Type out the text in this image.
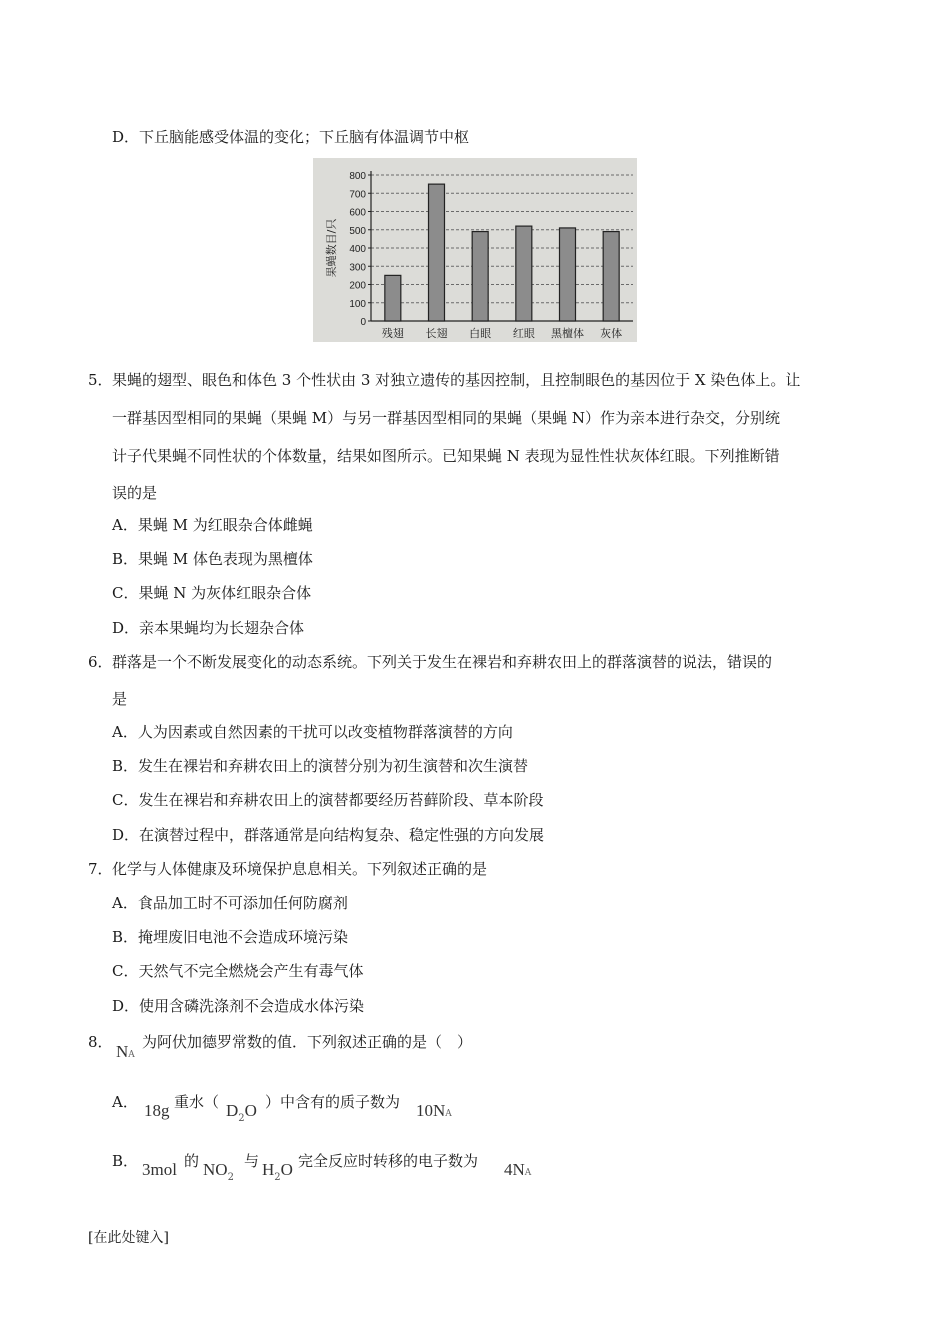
D．下丘脑能感受体温的变化；下丘脑有体温调节中枢
0
100
200
300
400
500
600
700
800
果蝇数目/只
残翅 长翅 白眼 红眼 黑檀体 灰体
5． 果蝇的翅型、眼色和体色 3 个性状由 3 对独立遗传的基因控制，且控制眼色的基因位于 X 染色体上。让
一群基因型相同的果蝇（果蝇 M）与另一群基因型相同的果蝇（果蝇 N）作为亲本进行杂交，分别统
计子代果蝇不同性状的个体数量，结果如图所示。已知果蝇 N 表现为显性性状灰体红眼。下列推断错
误的是
A．果蝇 M 为红眼杂合体雌蝇
B．果蝇 M 体色表现为黑檀体
C．果蝇 N 为灰体红眼杂合体
D．亲本果蝇均为长翅杂合体
6． 群落是一个不断发展变化的动态系统。下列关于发生在裸岩和弃耕农田上的群落演替的说法，错误的
是
A．人为因素或自然因素的干扰可以改变植物群落演替的方向
B．发生在裸岩和弃耕农田上的演替分别为初生演替和次生演替
C．发生在裸岩和弃耕农田上的演替都要经历苔藓阶段、草本阶段
D．在演替过程中，群落通常是向结构复杂、稳定性强的方向发展
7． 化学与人体健康及环境保护息息相关。下列叙述正确的是
A．食品加工时不可添加任何防腐剂
B．掩埋废旧电池不会造成环境污染
C．天然气不完全燃烧会产生有毒气体
D．使用含磷洗涤剂不会造成水体污染
8． NA
为阿伏加德罗常数的值．下列叙述正确的是（　）
A． 18g 重水（ $D_2O$ ）中含有的质子数为 10NA
B． 3mol 的 $NO_2$
与 $H_2O$ 完全反应时转移的电子数为 4NA
[在此处键入]
